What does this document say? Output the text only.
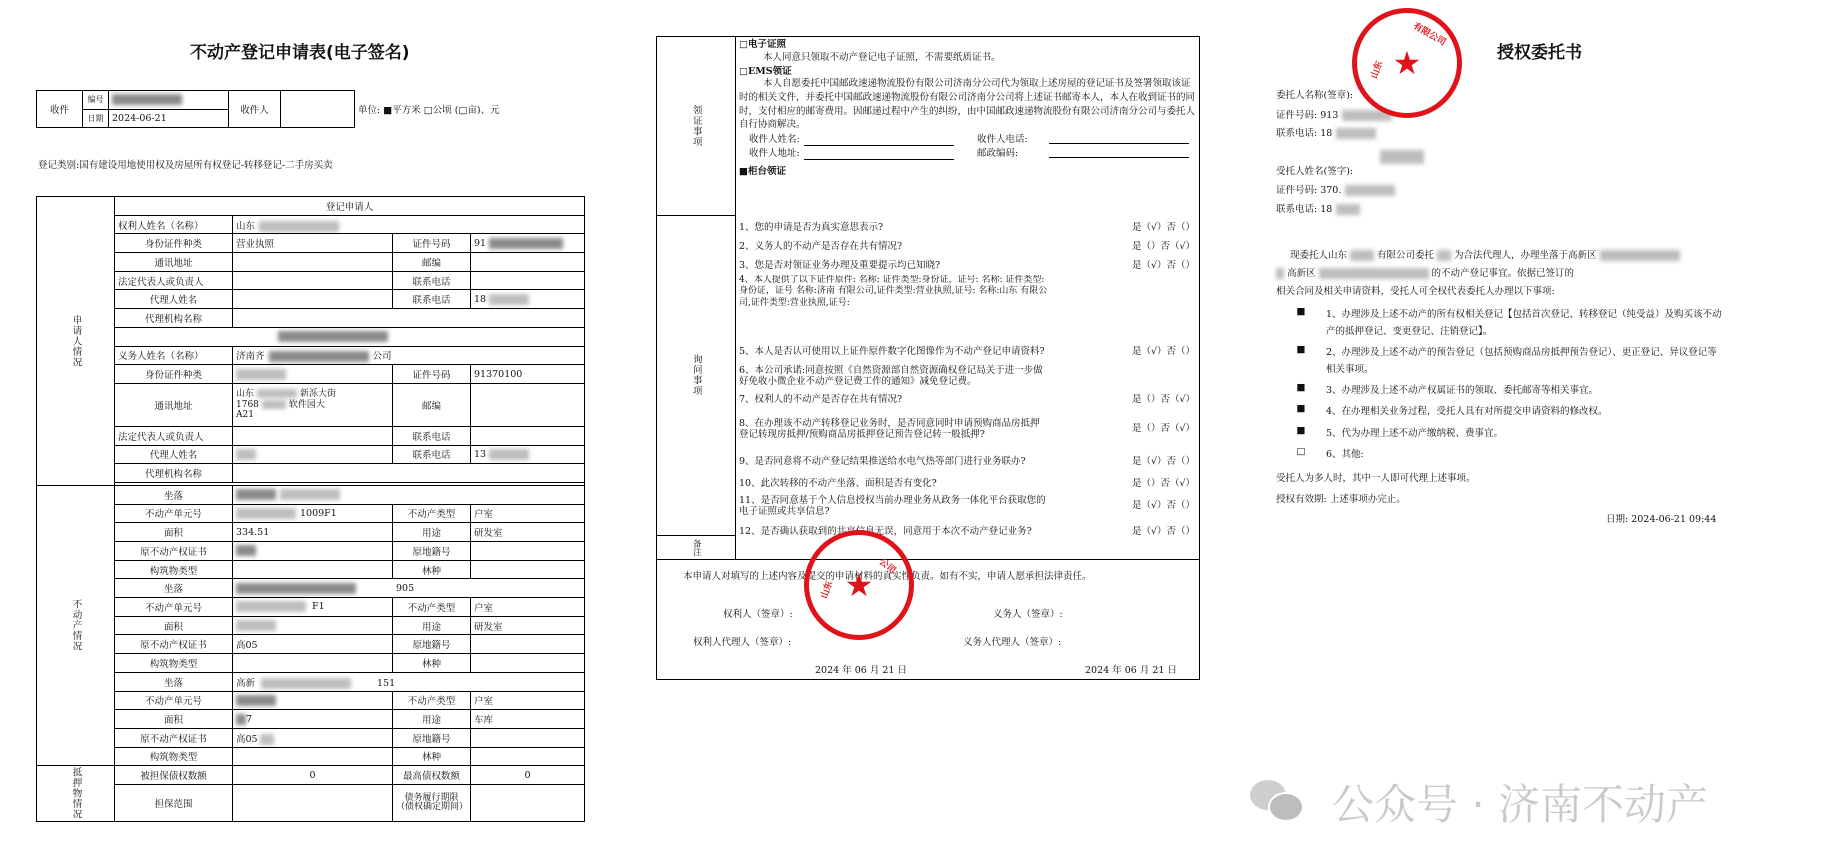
不动产登记申请表(电子签名)
收件	编号		收件人		单位: ■平方米 □公顷 (□亩)、元
	日期	2024-06-21			
登记类别:国有建设用地使用权及房屋所有权登记-转移登记-二手房买卖
申请人情况	登记申请人			
	权利人姓名（名称）	山东		
	身份证件种类	营业执照	证件号码	91
	通讯地址		邮编	
	法定代表人或负责人		联系电话	
	代理人姓名		联系电话	18
	代理机构名称			

	义务人姓名（名称）	济南齐 公司		
	身份证件种类		证件号码	91370100
	通讯地址	山东 新泺大街
1768 软件园大
A21	邮编	
	法定代表人或负责人		联系电话	
	代理人姓名		联系电话	13
	代理机构名称			

不动产情况	坐落			
	不动产单元号	1009F1	不动产类型	户室
	面积	334.51	用途	研发室
	原不动产权证书		原地籍号	
	构筑物类型		林种	
	坐落	905		
	不动产单元号	F1	不动产类型	户室
	面积		用途	研发室
	原不动产权证书	高05	原地籍号	
	构筑物类型		林种	
	坐落	高新 151		
	不动产单元号		不动产类型	户室
	面积	7	用途	车库
	原不动产权证书	高05	原地籍号	
	构筑物类型		林种	
抵押物情况	被担保债权数额	0	最高债权数额	0
	担保范围		债务履行期限（债权确定期间）	
领证事项
询问事项
备注
□电子证照
本人同意只领取不动产登记电子证照，不需要纸质证书。
□EMS领证
本人自愿委托中国邮政速递物流股份有限公司济南分公司代为领取上述房屋的登记证书及签署领取该证时的相关文件，并委托中国邮政速递物流股份有限公司济南分公司将上述证书邮寄本人，本人在收到证书的同时，支付相应的邮寄费用。因邮递过程中产生的纠纷，由中国邮政速递物流股份有限公司济南分公司与委托人自行协商解决。
收件人姓名:	收件人电话:
收件人地址:	邮政编码:
■柜台领证
1、您的申请是否为真实意思表示?	是（√）否（）
2、义务人的不动产是否存在共有情况?	是（）否（√）
3、您是否对领证业务办理及重要提示均已知晓?	是（√）否（）
4、本人提供了以下证件原件: 名称: 证件类型:身份证，证号: 名称: 证件类型:身份证，证号 名称:济南 有限公司,证件类型:营业执照,证号: 名称:山东 有限公司,证件类型:营业执照,证号:
5、本人是否认可使用以上证件原件数字化图像作为不动产登记申请资料?	是（√）否（）
6、本公司承诺:同意按照《自然资源部自然资源确权登记局关于进一步做好免收小微企业不动产登记费工作的通知》减免登记费。
7、权利人的不动产是否存在共有情况?	是（）否（√）
8、在办理该不动产转移登记业务时，是否同意同时申请预购商品房抵押登记转现房抵押/预购商品房抵押登记预告登记转一般抵押?
是（）否（√）
9、是否同意将不动产登记结果推送给水电气热等部门进行业务联办?	是（√）否（）
10、此次转移的不动产坐落、面积是否有变化?	是（）否（√）
11、是否同意基于个人信息授权当前办理业务从政务一体化平台获取您的电子证照或共享信息?
是（√）否（）
12、是否确认获取到的共享信息无误，同意用于本次不动产登记业务?	是（√）否（）
本申请人对填写的上述内容及提交的申请材料的真实性负责。如有不实，申请人愿承担法律责任。
权利人（签章）:	义务人（签章）:
权利人代理人（签章）:	义务人代理人（签章）:
2024 年 06 月 21 日	2024 年 06 月 21 日
授权委托书
委托人名称(签章):
证件号码: 913
联系电话: 18
受托人姓名(签字):
证件号码: 370.
联系电话: 18
现委托人山东	有限公司委托 为合法代理人，办理坐落于高新区
高新区	的不动产登记事宜。依据已签订的
相关合同及相关申请资料，受托人可全权代表委托人办理以下事项:
■	1、办理涉及上述不动产的所有权相关登记【包括首次登记、转移登记（纯受益）及购买该不动产的抵押登记、变更登记、注销登记】。
■	2、办理涉及上述不动产的预告登记（包括预购商品房抵押预告登记）、更正登记、异议登记等相关事项。
■	3、办理涉及上述不动产权属证书的领取、委托邮寄等相关事宜。
■	4、在办理相关业务过程，受托人具有对所提交申请资料的修改权。
■	5、代为办理上述不动产缴纳税、费事宜。
□	6、其他:
受托人为多人时，其中一人即可代理上述事项。
授权有效期: 上述事项办完止。
日期: 2024-06-21 09:44
山东
有限公司
★
山东
公司
★
公众号 · 济南不动产
